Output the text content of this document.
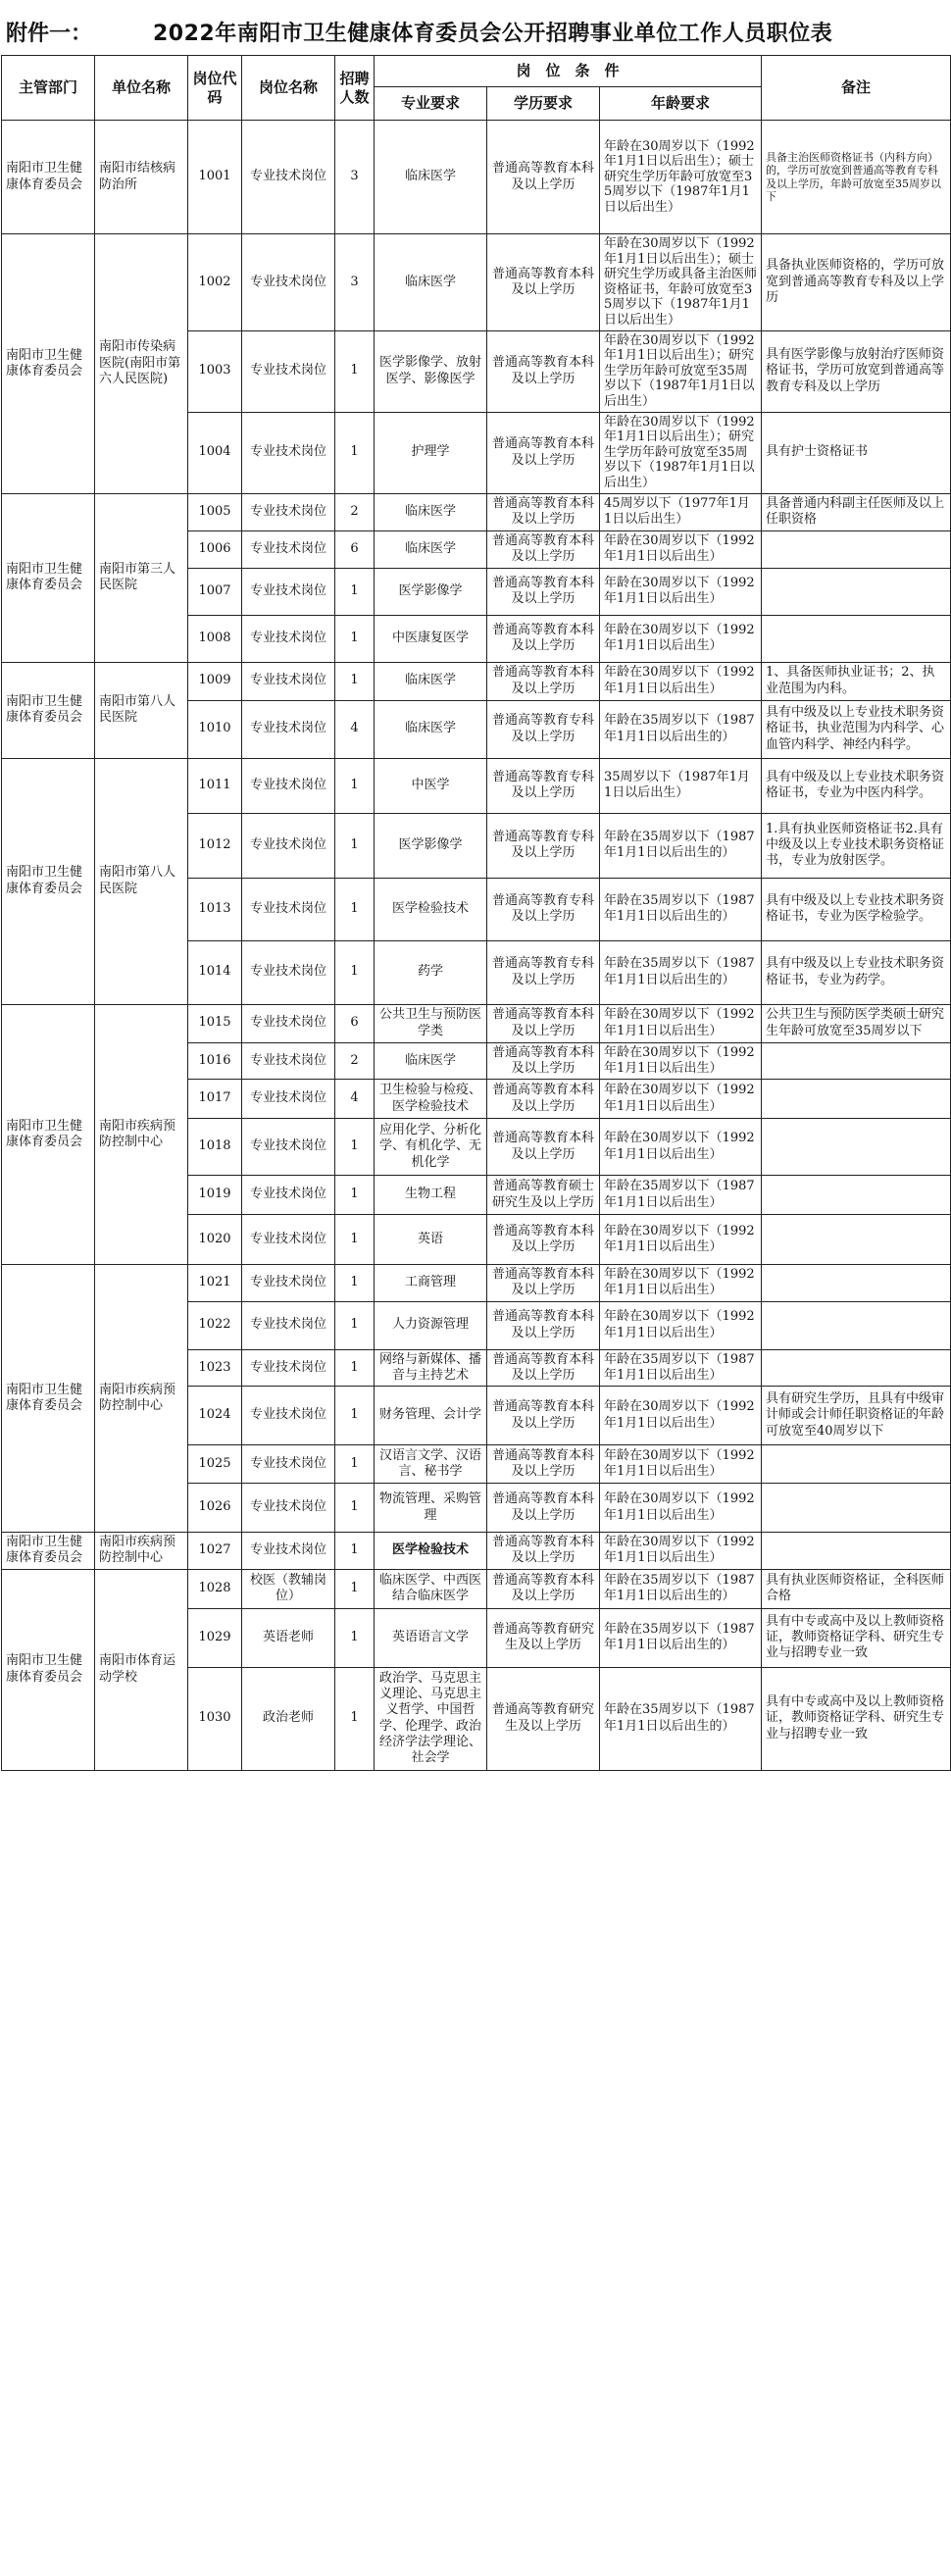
附件一：	2022年南阳市卫生健康体育委员会公开招聘事业单位工作人员职位表
主管部门	单位名称	岗位代码	岗位名称	招聘人数	岗　位　条　件			备注
					专业要求	学历要求	年龄要求	
南阳市卫生健康体育委员会	南阳市结核病防治所	1001	专业技术岗位	3	临床医学	普通高等教育本科及以上学历	年龄在30周岁以下（1992年1月1日以后出生）；硕士研究生学历年龄可放宽至35周岁以下（1987年1月1日以后出生）	具备主治医师资格证书（内科方向）的，学历可放宽到普通高等教育专科及以上学历，年龄可放宽至35周岁以下
南阳市卫生健康体育委员会	南阳市传染病医院(南阳市第六人民医院)	1002	专业技术岗位	3	临床医学	普通高等教育本科及以上学历	年龄在30周岁以下（1992年1月1日以后出生）；硕士研究生学历或具备主治医师资格证书，年龄可放宽至35周岁以下（1987年1月1日以后出生）	具备执业医师资格的，学历可放宽到普通高等教育专科及以上学历
		1003	专业技术岗位	1	医学影像学、放射医学、影像医学	普通高等教育本科及以上学历	年龄在30周岁以下（1992年1月1日以后出生）；研究生学历年龄可放宽至35周岁以下（1987年1月1日以后出生）	具有医学影像与放射治疗医师资格证书，学历可放宽到普通高等教育专科及以上学历
		1004	专业技术岗位	1	护理学	普通高等教育本科及以上学历	年龄在30周岁以下（1992年1月1日以后出生）；研究生学历年龄可放宽至35周岁以下（1987年1月1日以后出生）	具有护士资格证书
南阳市卫生健康体育委员会	南阳市第三人民医院	1005	专业技术岗位	2	临床医学	普通高等教育本科及以上学历	45周岁以下（1977年1月1日以后出生）	具备普通内科副主任医师及以上任职资格
		1006	专业技术岗位	6	临床医学	普通高等教育本科及以上学历	年龄在30周岁以下（1992年1月1日以后出生）	
		1007	专业技术岗位	1	医学影像学	普通高等教育本科及以上学历	年龄在30周岁以下（1992年1月1日以后出生）	
		1008	专业技术岗位	1	中医康复医学	普通高等教育本科及以上学历	年龄在30周岁以下（1992年1月1日以后出生）	
南阳市卫生健康体育委员会	南阳市第八人民医院	1009	专业技术岗位	1	临床医学	普通高等教育本科及以上学历	年龄在30周岁以下（1992年1月1日以后出生）	1、具备医师执业证书；2、执业范围为内科。
		1010	专业技术岗位	4	临床医学	普通高等教育专科及以上学历	年龄在35周岁以下（1987年1月1日以后出生的）	具有中级及以上专业技术职务资格证书，执业范围为内科学、心血管内科学、神经内科学。
南阳市卫生健康体育委员会	南阳市第八人民医院	1011	专业技术岗位	1	中医学	普通高等教育专科及以上学历	35周岁以下（1987年1月1日以后出生）	具有中级及以上专业技术职务资格证书，专业为中医内科学。
		1012	专业技术岗位	1	医学影像学	普通高等教育专科及以上学历	年龄在35周岁以下（1987年1月1日以后出生的）	1.具有执业医师资格证书2.具有中级及以上专业技术职务资格证书，专业为放射医学。
		1013	专业技术岗位	1	医学检验技术	普通高等教育专科及以上学历	年龄在35周岁以下（1987年1月1日以后出生的）	具有中级及以上专业技术职务资格证书，专业为医学检验学。
		1014	专业技术岗位	1	药学	普通高等教育专科及以上学历	年龄在35周岁以下（1987年1月1日以后出生的）	具有中级及以上专业技术职务资格证书，专业为药学。
南阳市卫生健康体育委员会	南阳市疾病预防控制中心	1015	专业技术岗位	6	公共卫生与预防医学类	普通高等教育本科及以上学历	年龄在30周岁以下（1992年1月1日以后出生）	公共卫生与预防医学类硕士研究生年龄可放宽至35周岁以下
		1016	专业技术岗位	2	临床医学	普通高等教育本科及以上学历	年龄在30周岁以下（1992年1月1日以后出生）	
		1017	专业技术岗位	4	卫生检验与检疫、医学检验技术	普通高等教育本科及以上学历	年龄在30周岁以下（1992年1月1日以后出生）	
		1018	专业技术岗位	1	应用化学、分析化学、有机化学、无机化学	普通高等教育本科及以上学历	年龄在30周岁以下（1992年1月1日以后出生）	
		1019	专业技术岗位	1	生物工程	普通高等教育硕士研究生及以上学历	年龄在35周岁以下（1987年1月1日以后出生）	
		1020	专业技术岗位	1	英语	普通高等教育本科及以上学历	年龄在30周岁以下（1992年1月1日以后出生）	
南阳市卫生健康体育委员会	南阳市疾病预防控制中心	1021	专业技术岗位	1	工商管理	普通高等教育本科及以上学历	年龄在30周岁以下（1992年1月1日以后出生）	
		1022	专业技术岗位	1	人力资源管理	普通高等教育本科及以上学历	年龄在30周岁以下（1992年1月1日以后出生）	
		1023	专业技术岗位	1	网络与新媒体、播音与主持艺术	普通高等教育本科及以上学历	年龄在35周岁以下（1987年1月1日以后出生）	
		1024	专业技术岗位	1	财务管理、会计学	普通高等教育本科及以上学历	年龄在30周岁以下（1992年1月1日以后出生）	具有研究生学历，且具有中级审计师或会计师任职资格证的年龄可放宽至40周岁以下
		1025	专业技术岗位	1	汉语言文学、汉语言、秘书学	普通高等教育本科及以上学历	年龄在30周岁以下（1992年1月1日以后出生）	
		1026	专业技术岗位	1	物流管理、采购管理	普通高等教育本科及以上学历	年龄在30周岁以下（1992年1月1日以后出生）	
南阳市卫生健康体育委员会	南阳市疾病预防控制中心	1027	专业技术岗位	1	医学检验技术	普通高等教育本科及以上学历	年龄在30周岁以下（1992年1月1日以后出生）	
南阳市卫生健康体育委员会	南阳市体育运动学校	1028	校医（教辅岗位）	1	临床医学、中西医结合临床医学	普通高等教育本科及以上学历	年龄在35周岁以下（1987年1月1日以后出生的）	具有执业医师资格证，全科医师合格
		1029	英语老师	1	英语语言文学	普通高等教育研究生及以上学历	年龄在35周岁以下（1987年1月1日以后出生的）	具有中专或高中及以上教师资格证，教师资格证学科、研究生专业与招聘专业一致
		1030	政治老师	1	政治学、马克思主义理论、马克思主义哲学、中国哲学、伦理学、政治经济学法学理论、社会学	普通高等教育研究生及以上学历	年龄在35周岁以下（1987年1月1日以后出生的）	具有中专或高中及以上教师资格证，教师资格证学科、研究生专业与招聘专业一致
